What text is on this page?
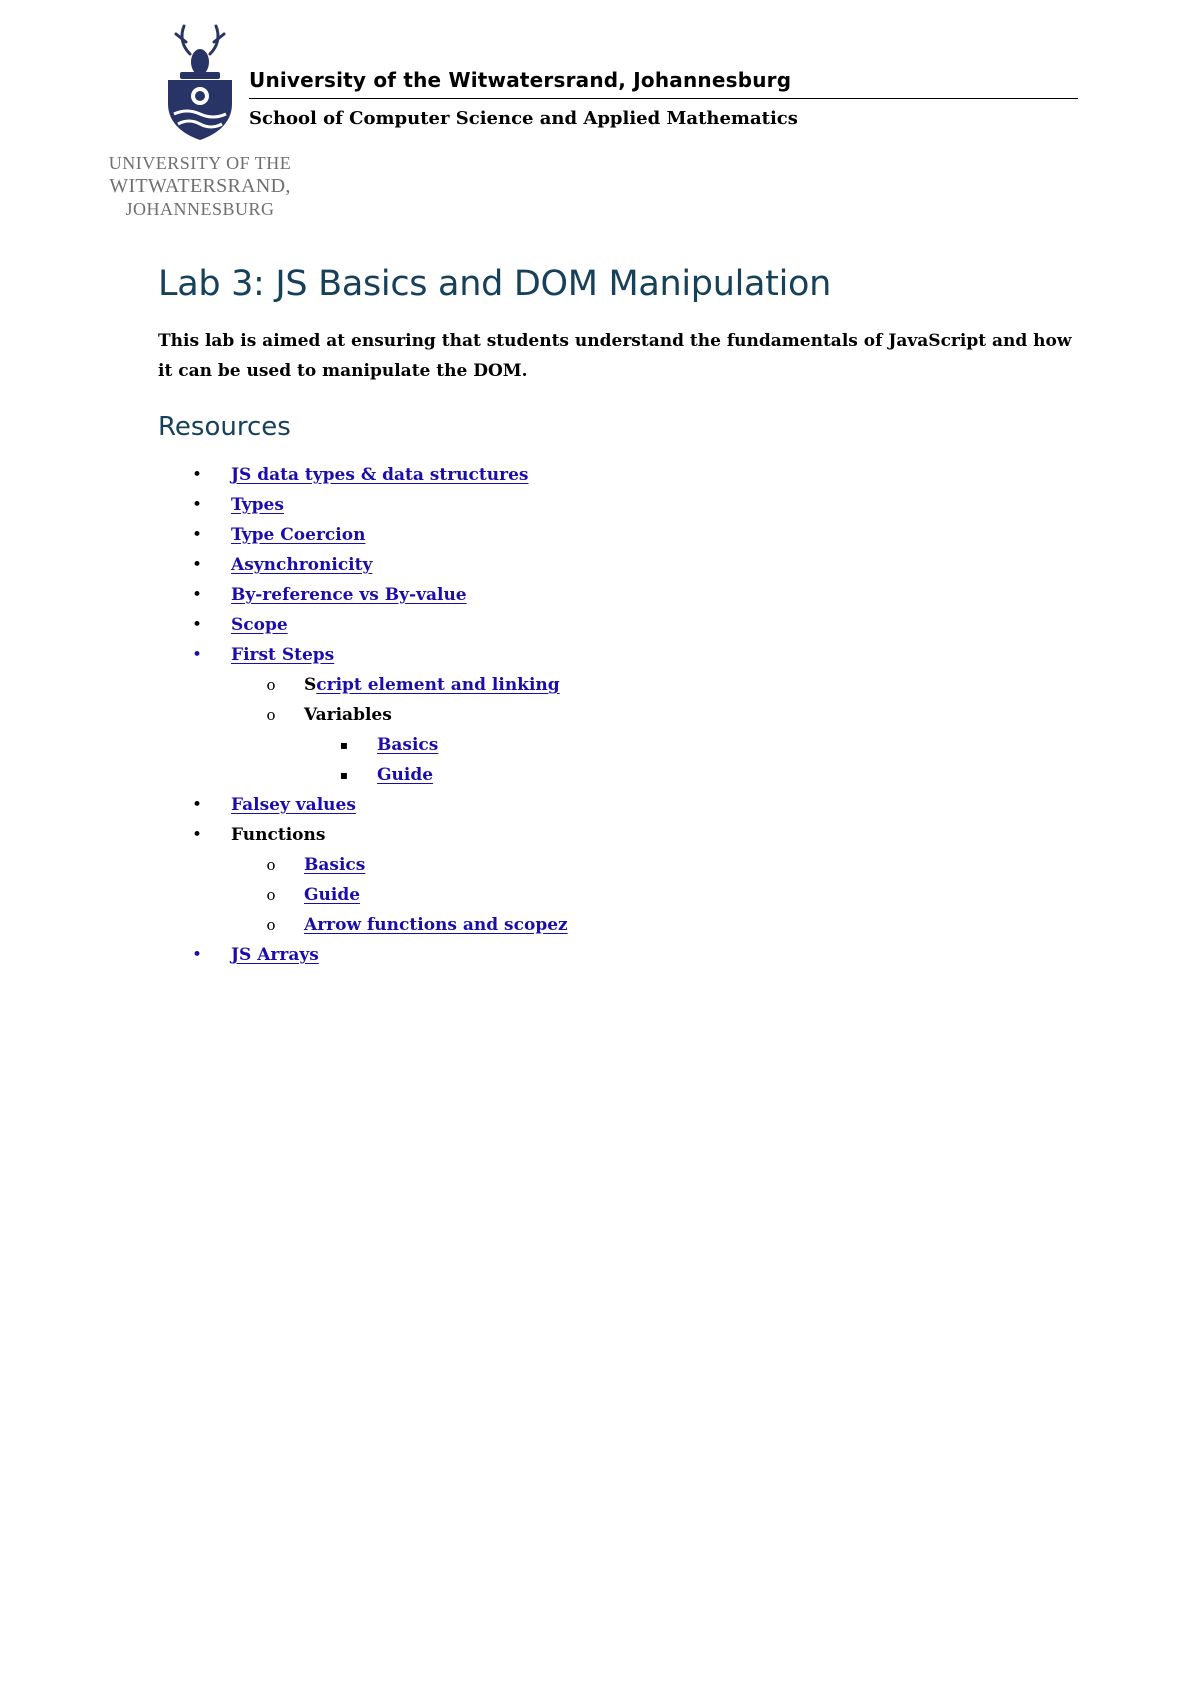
UNIVERSITY OF THE
WITWATERSRAND,
JOHANNESBURG
University of the Witwatersrand, Johannesburg
School of Computer Science and Applied Mathematics
Lab 3: JS Basics and DOM Manipulation

This lab is aimed at ensuring that students understand the fundamentals of JavaScript and how it can be used to manipulate the DOM.

Resources
• JS data types & data structures
• Types
• Type Coercion
• Asynchronicity
• By-reference vs By-value
• Scope
• First Steps
o	Script element and linking
o	Variables
▪	Basics
▪	Guide
• Falsey values
• Functions
o	Basics
o	Guide
o	Arrow functions and scopez
• JS Arrays
